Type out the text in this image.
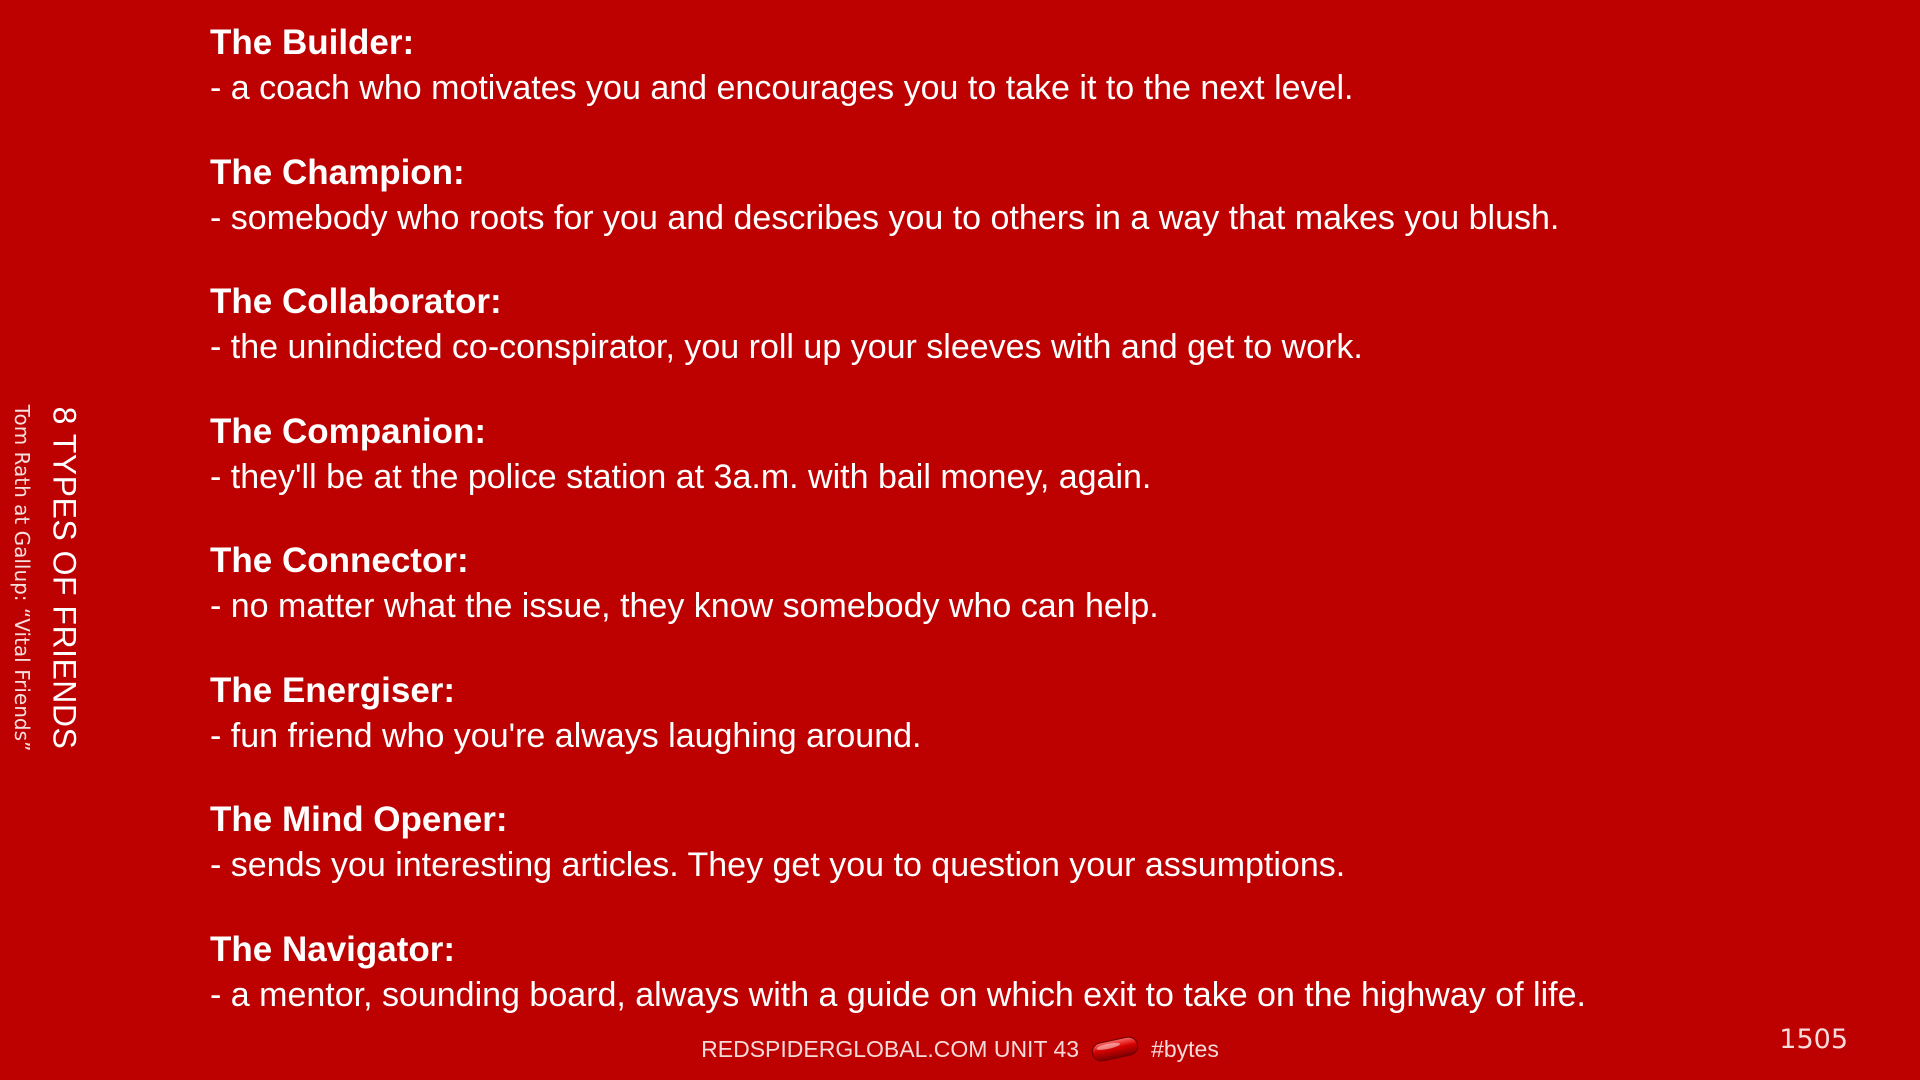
8 TYPES OF FRIENDS
Tom Rath at Gallup: “Vital Friends”

The Builder:

- a coach who motivates you and encourages you to take it to the next level.

The Champion:

- somebody who roots for you and describes you to others in a way that makes you blush.

The Collaborator:

- the unindicted co-conspirator, you roll up your sleeves with and get to work.

The Companion:

- they'll be at the police station at 3a.m. with bail money, again.

The Connector:

- no matter what the issue, they know somebody who can help.

The Energiser:

- fun friend who you're always laughing around.

The Mind Opener:

- sends you interesting articles. They get you to question your assumptions.

The Navigator:

- a mentor, sounding board, always with a guide on which exit to take on the highway of life.

REDSPIDERGLOBAL.COM UNIT 43	#bytes	1505
